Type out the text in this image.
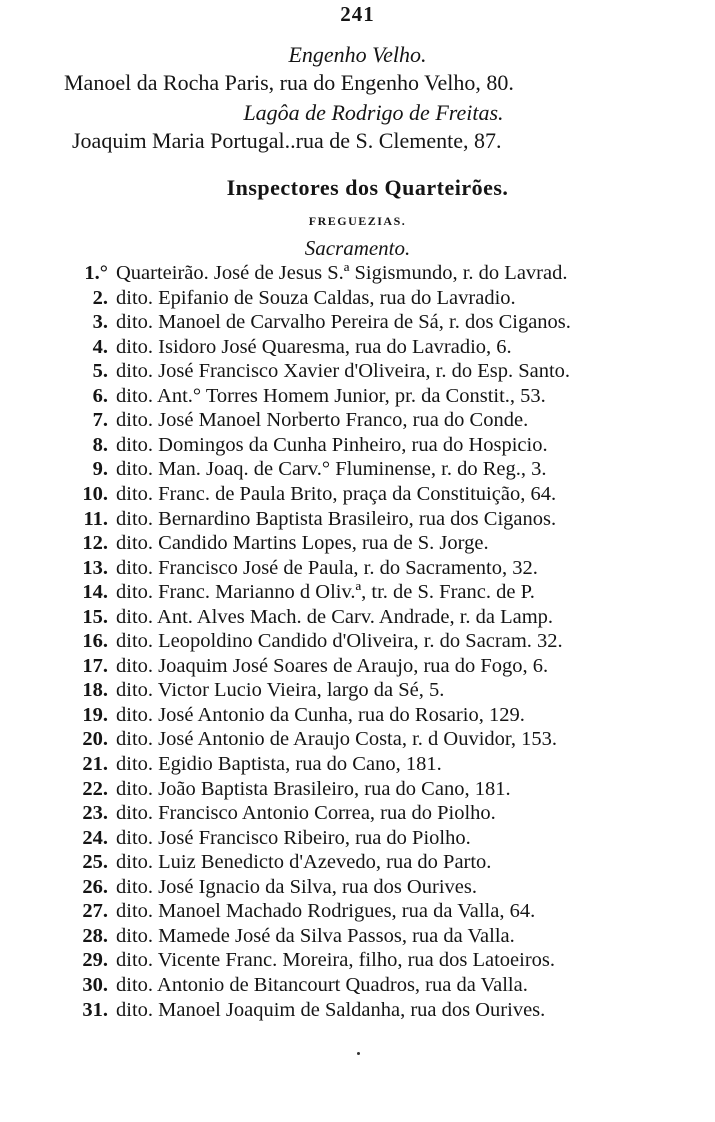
241
Engenho Velho.
Manoel da Rocha Paris, rua do Engenho Velho, 80.
Lagôa de Rodrigo de Freitas.
Joaquim Maria Portugal..rua de S. Clemente, 87.
Inspectores dos Quarteirões.
FREGUEZIAS.
Sacramento.
1.° Quarteirão. José de Jesus S.ª Sigismundo, r. do Lavrad.
2. dito. Epifanio de Souza Caldas, rua do Lavradio.
3. dito. Manoel de Carvalho Pereira de Sá, r. dos Ciganos.
4. dito. Isidoro José Quaresma, rua do Lavradio, 6.
5. dito. José Francisco Xavier d'Oliveira, r. do Esp. Santo.
6. dito. Ant.° Torres Homem Junior, pr. da Constit., 53.
7. dito. José Manoel Norberto Franco, rua do Conde.
8. dito. Domingos da Cunha Pinheiro, rua do Hospicio.
9. dito. Man. Joaq. de Carv.° Fluminense, r. do Reg., 3.
10. dito. Franc. de Paula Brito, praça da Constituição, 64.
11. dito. Bernardino Baptista Brasileiro, rua dos Ciganos.
12. dito. Candido Martins Lopes, rua de S. Jorge.
13. dito. Francisco José de Paula, r. do Sacramento, 32.
14. dito. Franc. Marianno d Oliv.ª, tr. de S. Franc. de P.
15. dito. Ant. Alves Mach. de Carv. Andrade, r. da Lamp.
16. dito. Leopoldino Candido d'Oliveira, r. do Sacram. 32.
17. dito. Joaquim José Soares de Araujo, rua do Fogo, 6.
18. dito. Victor Lucio Vieira, largo da Sé, 5.
19. dito. José Antonio da Cunha, rua do Rosario, 129.
20. dito. José Antonio de Araujo Costa, r. d Ouvidor, 153.
21. dito. Egidio Baptista, rua do Cano, 181.
22. dito. João Baptista Brasileiro, rua do Cano, 181.
23. dito. Francisco Antonio Correa, rua do Piolho.
24. dito. José Francisco Ribeiro, rua do Piolho.
25. dito. Luiz Benedicto d'Azevedo, rua do Parto.
26. dito. José Ignacio da Silva, rua dos Ourives.
27. dito. Manoel Machado Rodrigues, rua da Valla, 64.
28. dito. Mamede José da Silva Passos, rua da Valla.
29. dito. Vicente Franc. Moreira, filho, rua dos Latoeiros.
30. dito. Antonio de Bitancourt Quadros, rua da Valla.
31. dito. Manoel Joaquim de Saldanha, rua dos Ourives.
